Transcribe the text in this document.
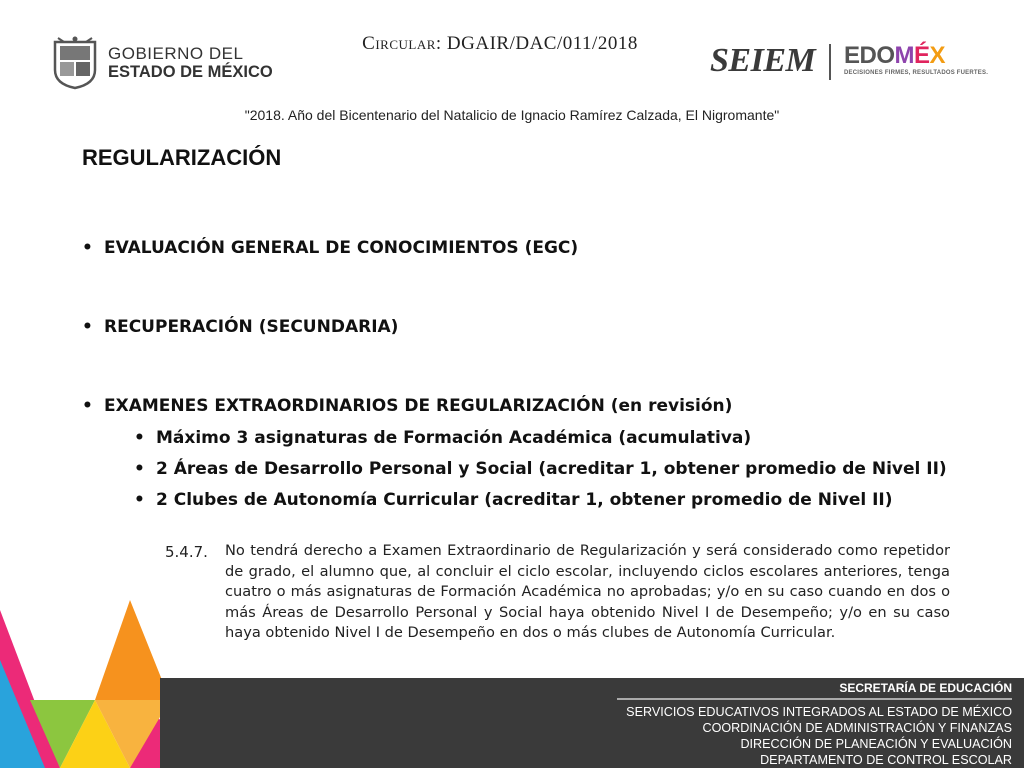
GOBIERNO DEL
ESTADO DE MÉXICO
Circular: DGAIR/DAC/011/2018	SEIEM EDOMÉX
DECISIONES FIRMES, RESULTADOS FUERTES.
"2018. Año del Bicentenario del Natalicio de Ignacio Ramírez Calzada, El Nigromante"
REGULARIZACIÓN
• EVALUACIÓN GENERAL DE CONOCIMIENTOS (EGC)
• RECUPERACIÓN (SECUNDARIA)
• EXAMENES EXTRAORDINARIOS DE REGULARIZACIÓN (en revisión)
• Máximo 3 asignaturas de Formación Académica (acumulativa)
• 2 Áreas de Desarrollo Personal y Social (acreditar 1, obtener promedio de Nivel II)
• 2 Clubes de Autonomía Curricular (acreditar 1, obtener promedio de Nivel II)
5.4.7. No tendrá derecho a Examen Extraordinario de Regularización y será considerado como repetidor de grado, el alumno que, al concluir el ciclo escolar, incluyendo ciclos escolares anteriores, tenga cuatro o más asignaturas de Formación Académica no aprobadas; y/o en su caso cuando en dos o más Áreas de Desarrollo Personal y Social haya obtenido Nivel I de Desempeño; y/o en su caso haya obtenido Nivel I de Desempeño en dos o más clubes de Autonomía Curricular.
SECRETARÍA DE EDUCACIÓN
SERVICIOS EDUCATIVOS INTEGRADOS AL ESTADO DE MÉXICO
COORDINACIÓN DE ADMINISTRACIÓN Y FINANZAS
DIRECCIÓN DE PLANEACIÓN Y EVALUACIÓN
DEPARTAMENTO DE CONTROL ESCOLAR
